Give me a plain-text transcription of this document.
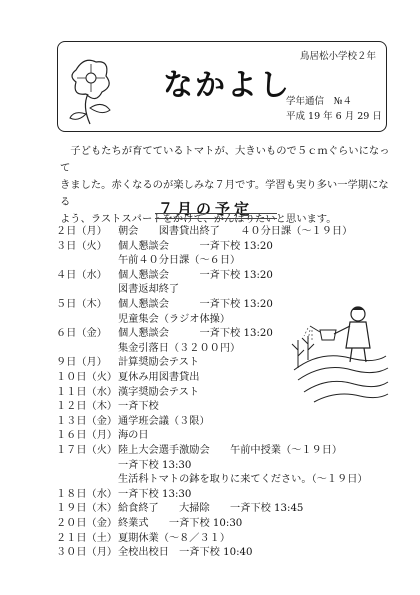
なかよし
鳥居松小学校２年
学年通信　№４
平成 19 年 6 月 29 日
　子どもたちが育てているトマトが、大きいもので５ｃｍぐらいになって
きました。赤くなるのが楽しみな７月です。学習も実り多い一学期になる
よう、ラストスパートをかけて、がんばりたいと思います。
７月の予定
２日（月）	朝会　　図書貸出終了　　４０分日課（～１９日）
３日（火）	個人懇談会　　　一斉下校 13:20
午前４０分日課（～６日）
４日（水）	個人懇談会　　　一斉下校 13:20
図書返却終了
５日（木）	個人懇談会　　　一斉下校 13:20
児童集会（ラジオ体操）
６日（金）	個人懇談会　　　一斉下校 13:20
集金引落日（３２００円）
９日（月）	計算奨励会テスト
１０日（火） 夏休み用図書貸出
１１日（水） 漢字奨励会テスト
１２日（木） 一斉下校
１３日（金） 通学班会議（３限）
１６日（月） 海の日
１７日（火） 陸上大会選手激励会　　午前中授業（～１９日）
一斉下校 13:30
生活科トマトの鉢を取りに来てください。（～１９日）
１８日（水） 一斉下校 13:30
１９日（木） 給食終了　　大掃除　　一斉下校 13:45
２０日（金） 終業式　　一斉下校 10:30
２１日（土） 夏期休業（～８／３１）
３０日（月） 全校出校日　一斉下校 10:40
